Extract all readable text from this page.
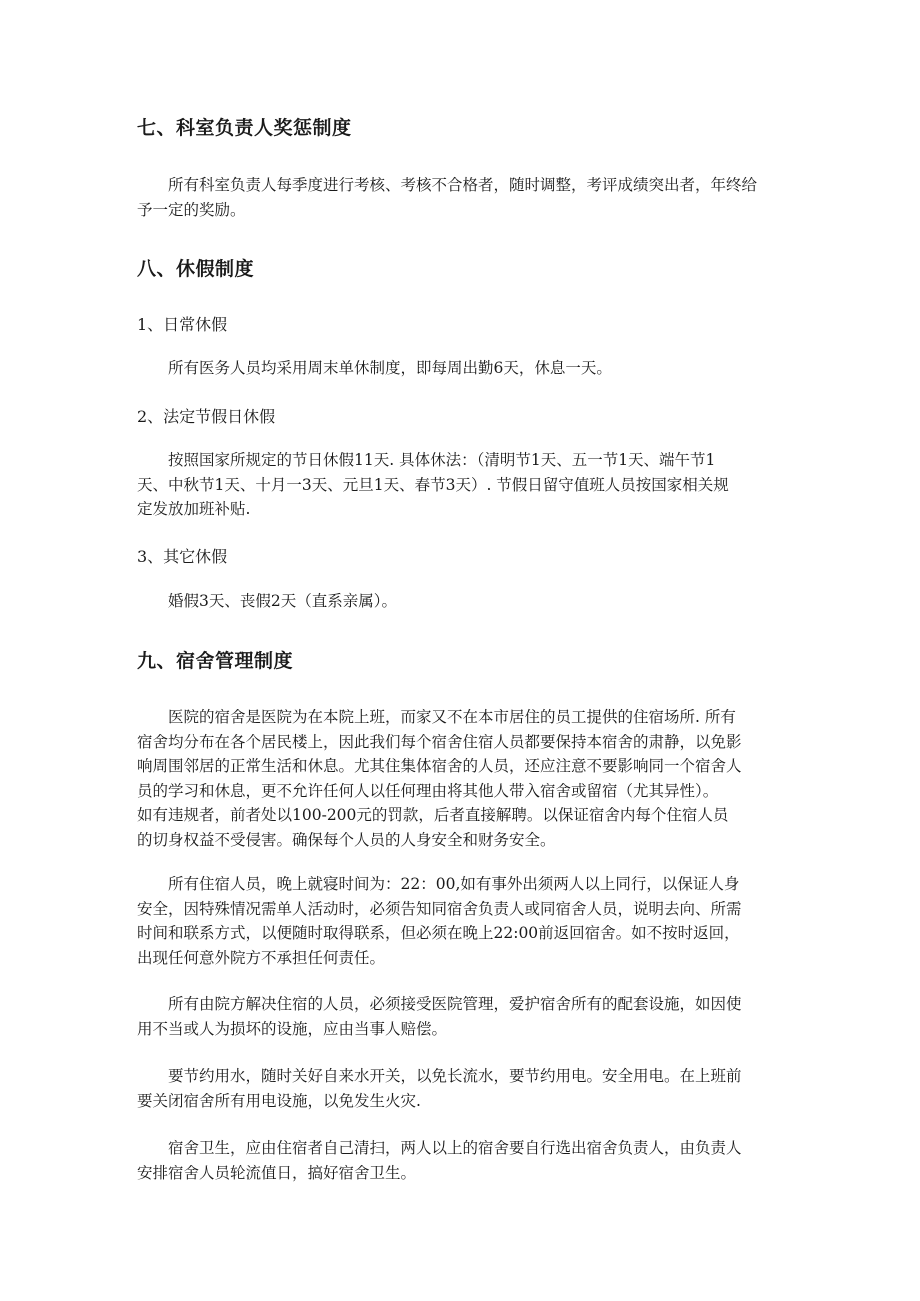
七、科室负责人奖惩制度
所有科室负责人每季度进行考核、考核不合格者，随时调整，考评成绩突出者，年终给
予一定的奖励。
八、休假制度
1、日常休假
所有医务人员均采用周末单休制度，即每周出勤6天，休息一天。
2、法定节假日休假
按照国家所规定的节日休假11天. 具体休法：（清明节1天、五一节1天、端午节1
天、中秋节1天、十月一3天、元旦1天、春节3天）. 节假日留守值班人员按国家相关规
定发放加班补贴.
3、其它休假
婚假3天、丧假2天（直系亲属）。
九、宿舍管理制度
医院的宿舍是医院为在本院上班，而家又不在本市居住的员工提供的住宿场所. 所有
宿舍均分布在各个居民楼上，因此我们每个宿舍住宿人员都要保持本宿舍的肃静，以免影
响周围邻居的正常生活和休息。尤其住集体宿舍的人员，还应注意不要影响同一个宿舍人
员的学习和休息，更不允许任何人以任何理由将其他人带入宿舍或留宿（尤其异性）。
如有违规者，前者处以100-200元的罚款，后者直接解聘。以保证宿舍内每个住宿人员
的切身权益不受侵害。确保每个人员的人身安全和财务安全。
所有住宿人员，晚上就寝时间为：22：00,如有事外出须两人以上同行，以保证人身
安全，因特殊情况需单人活动时，必须告知同宿舍负责人或同宿舍人员，说明去向、所需
时间和联系方式，以便随时取得联系，但必须在晚上22:00前返回宿舍。如不按时返回，
出现任何意外院方不承担任何责任。
所有由院方解决住宿的人员，必须接受医院管理，爱护宿舍所有的配套设施，如因使
用不当或人为损坏的设施，应由当事人赔偿。
要节约用水，随时关好自来水开关，以免长流水，要节约用电。安全用电。在上班前
要关闭宿舍所有用电设施，以免发生火灾.
宿舍卫生，应由住宿者自己清扫，两人以上的宿舍要自行选出宿舍负责人，由负责人
安排宿舍人员轮流值日，搞好宿舍卫生。
